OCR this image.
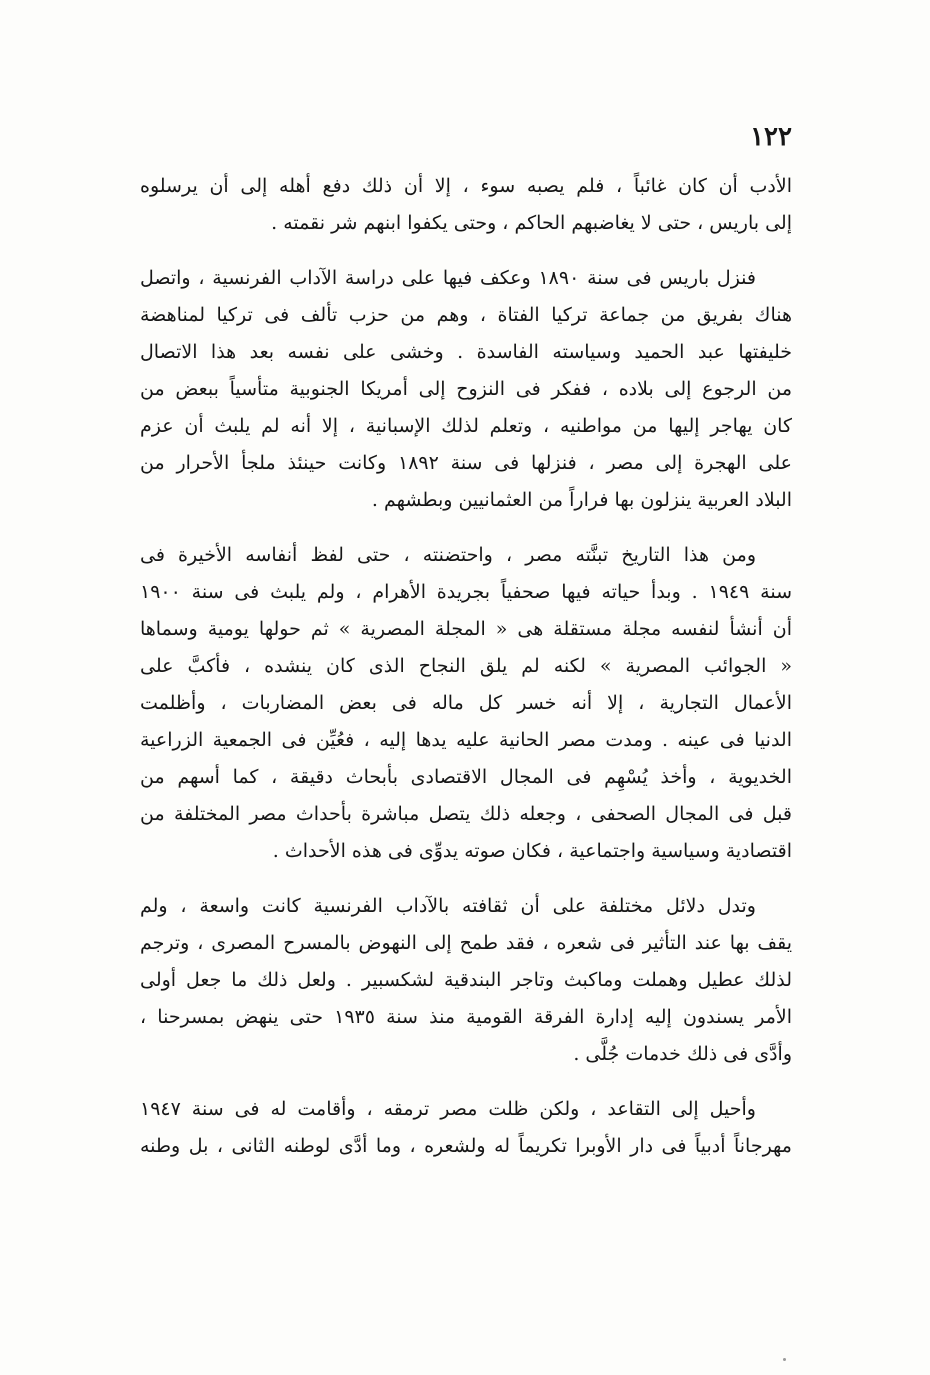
١٢٢
الأدب أن كان غائباً ، فلم يصبه سوء ، إلا أن ذلك دفع أهله إلى أن يرسلوه
إلى باريس ، حتى لا يغاضبهم الحاكم ، وحتى يكفوا ابنهم شر نقمته .
فنزل باريس فى سنة ١٨٩٠ وعكف فيها على دراسة الآداب الفرنسية ، واتصل
هناك بفريق من جماعة تركيا الفتاة ، وهم من حزب تألف فى تركيا لمناهضة
خليفتها عبد الحميد وسياسته الفاسدة . وخشى على نفسه بعد هذا الاتصال
من الرجوع إلى بلاده ، ففكر فى النزوح إلى أمريكا الجنوبية متأسياً ببعض من
كان يهاجر إليها من مواطنيه ، وتعلم لذلك الإسبانية ، إلا أنه لم يلبث أن عزم
على الهجرة إلى مصر ، فنزلها فى سنة ١٨٩٢ وكانت حينئذ ملجأ الأحرار من
البلاد العربية ينزلون بها فراراً من العثمانيين وبطشهم .
ومن هذا التاريخ تبنَّته مصر ، واحتضنته ، حتى لفظ أنفاسه الأخيرة فى
سنة ١٩٤٩ . وبدأ حياته فيها صحفياً بجريدة الأهرام ، ولم يلبث فى سنة ١٩٠٠
أن أنشأ لنفسه مجلة مستقلة هى « المجلة المصرية » ثم حولها يومية وسماها
« الجوائب المصرية » لكنه لم يلق النجاح الذى كان ينشده ، فأكبَّ على
الأعمال التجارية ، إلا أنه خسر كل ماله فى بعض المضاربات ، وأظلمت
الدنيا فى عينه . ومدت مصر الحانية عليه يدها إليه ، فعُيِّن فى الجمعية الزراعية
الخديوية ، وأخذ يُسْهِم فى المجال الاقتصادى بأبحاث دقيقة ، كما أسهم من
قبل فى المجال الصحفى ، وجعله ذلك يتصل مباشرة بأحداث مصر المختلفة من
اقتصادية وسياسية واجتماعية ، فكان صوته يدوِّى فى هذه الأحداث .
وتدل دلائل مختلفة على أن ثقافته بالآداب الفرنسية كانت واسعة ، ولم
يقف بها عند التأثير فى شعره ، فقد طمح إلى النهوض بالمسرح المصرى ، وترجم
لذلك عطيل وهملت وماكبث وتاجر البندقية لشكسبير . ولعل ذلك ما جعل أولى
الأمر يسندون إليه إدارة الفرقة القومية منذ سنة ١٩٣٥ حتى ينهض بمسرحنا ،
وأدَّى فى ذلك خدمات جُلَّى .
وأحيل إلى التقاعد ، ولكن ظلت مصر ترمقه ، وأقامت له فى سنة ١٩٤٧
مهرجاناً أدبياً فى دار الأوبرا تكريماً له ولشعره ، وما أدَّى لوطنه الثانى ، بل وطنه
